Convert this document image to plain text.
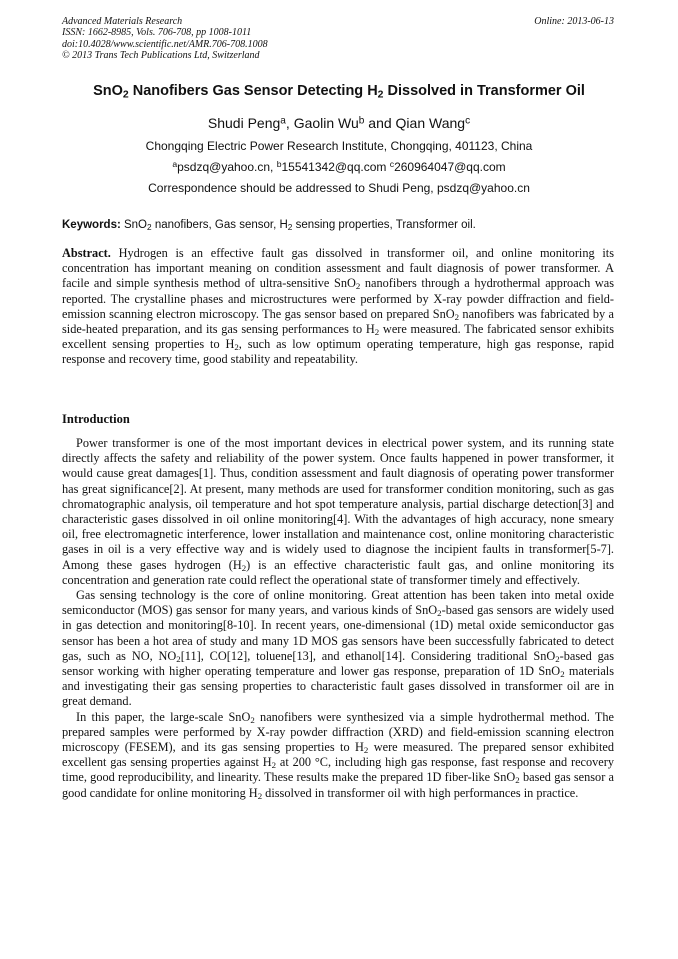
Advanced Materials Research
ISSN: 1662-8985, Vols. 706-708, pp 1008-1011
doi:10.4028/www.scientific.net/AMR.706-708.1008
© 2013 Trans Tech Publications Ltd, Switzerland
Online: 2013-06-13
SnO$_2$ Nanofibers Gas Sensor Detecting $H_2$ Dissolved in Transformer Oil
Shudi Peng$^a$, Gaolin Wu$^b$ and Qian Wang$^c$
Chongqing Electric Power Research Institute, Chongqing, 401123, China
$^a$psdzq@yahoo.cn, $^b$15541342@qq.com $^c$260964047@qq.com
Correspondence should be addressed to Shudi Peng, psdzq@yahoo.cn
Keywords: SnO$_2$ nanofibers, Gas sensor, $H_2$ sensing properties, Transformer oil.

Abstract. Hydrogen is an effective fault gas dissolved in transformer oil, and online monitoring its concentration has important meaning on condition assessment and fault diagnosis of power transformer. A facile and simple synthesis method of ultra-sensitive SnO$_2$ nanofibers through a hydrothermal approach was reported. The crystalline phases and microstructures were performed by X-ray powder diffraction and field-emission scanning electron microscopy. The gas sensor based on prepared SnO$_2$ nanofibers was fabricated by a side-heated preparation, and its gas sensing performances to $H_2$ were measured. The fabricated sensor exhibits excellent sensing properties to $H_2$, such as low optimum operating temperature, high gas response, rapid response and recovery time, good stability and repeatability.

Introduction

Power transformer is one of the most important devices in electrical power system, and its running state directly affects the safety and reliability of the power system. Once faults happened in power transformer, it would cause great damages[1]. Thus, condition assessment and fault diagnosis of operating power transformer has great significance[2]. At present, many methods are used for transformer condition monitoring, such as gas chromatographic analysis, oil temperature and hot spot temperature analysis, partial discharge detection[3] and characteristic gases dissolved in oil online monitoring[4]. With the advantages of high accuracy, none smeary oil, free electromagnetic interference, lower installation and maintenance cost, online monitoring characteristic gases in oil is a very effective way and is widely used to diagnose the incipient faults in transformer[5-7]. Among these gases hydrogen $(H_2)$ is an effective characteristic fault gas, and online monitoring its concentration and generation rate could reflect the operational state of transformer timely and effectively.

Gas sensing technology is the core of online monitoring. Great attention has been taken into metal oxide semiconductor (MOS) gas sensor for many years, and various kinds of SnO$_2$-based gas sensors are widely used in gas detection and monitoring[8-10]. In recent years, one-dimensional (1D) metal oxide semiconductor gas sensor has been a hot area of study and many 1D MOS gas sensors have been successfully fabricated to detect gas, such as NO, $NO_2[11]$, CO[12], toluene[13], and ethanol[14]. Considering traditional SnO$_2$-based gas sensor working with higher operating temperature and lower gas response, preparation of 1D SnO$_2$ materials and investigating their gas sensing properties to characteristic fault gases dissolved in transformer oil are in great demand.

In this paper, the large-scale SnO$_2$ nanofibers were synthesized via a simple hydrothermal method. The prepared samples were performed by X-ray powder diffraction (XRD) and field-emission scanning electron microscopy (FESEM), and its gas sensing properties to $H_2$ were measured. The prepared sensor exhibited excellent gas sensing properties against $H_2$ at 200 °C, including high gas response, fast response and recovery time, good reproducibility, and linearity. These results make the prepared 1D fiber-like SnO$_2$ based gas sensor a good candidate for online monitoring $H_2$ dissolved in transformer oil with high performances in practice.
